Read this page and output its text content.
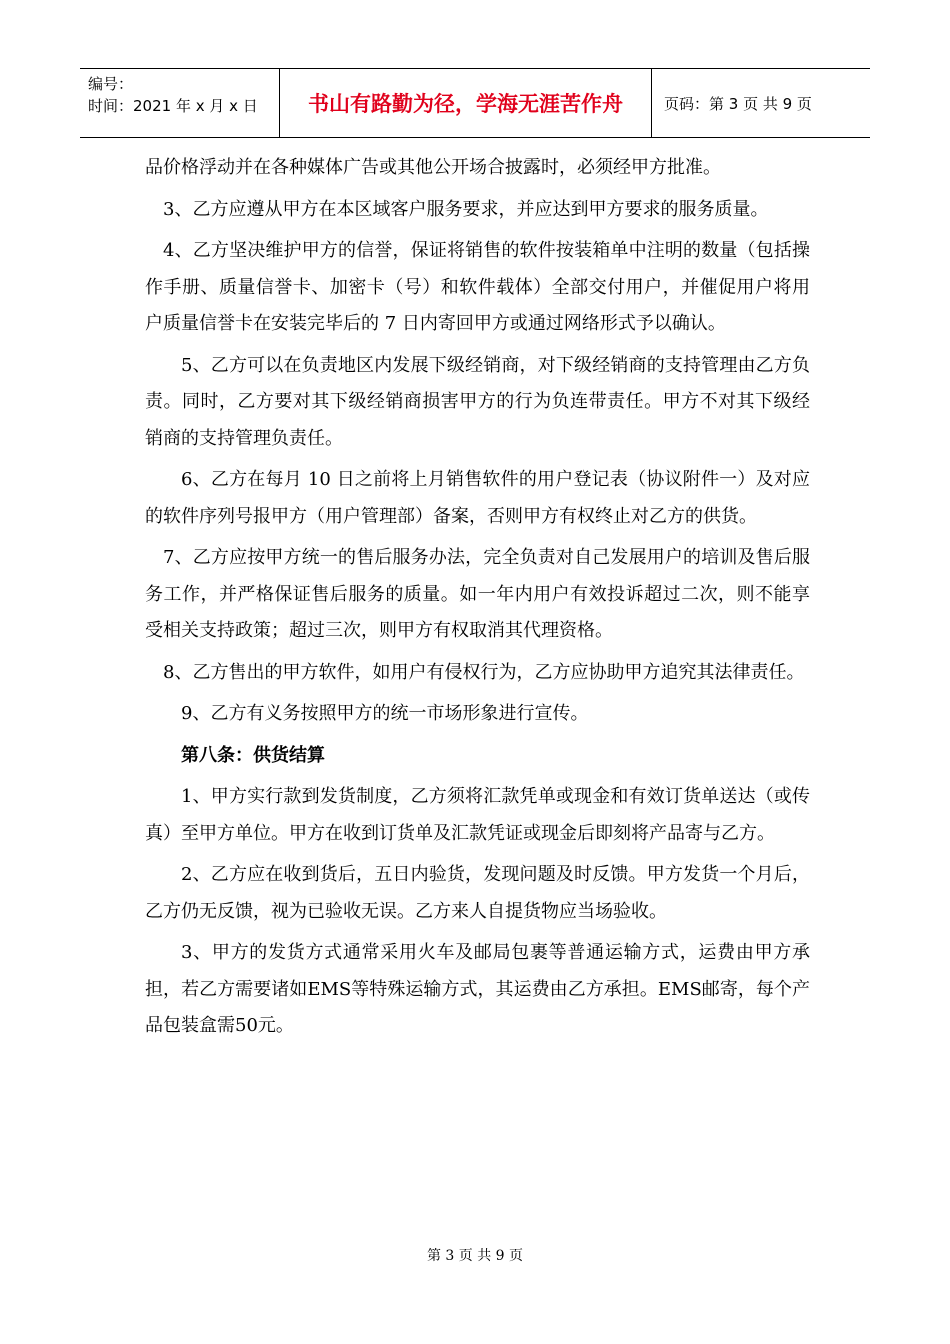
编号：
时间：2021 年 x 月 x 日	书山有路勤为径，学海无涯苦作舟	页码：第 3 页 共 9 页

品价格浮动并在各种媒体广告或其他公开场合披露时，必须经甲方批准。

3、乙方应遵从甲方在本区域客户服务要求，并应达到甲方要求的服务质量。

4、乙方坚决维护甲方的信誉，保证将销售的软件按装箱单中注明的数量（包括操作手册、质量信誉卡、加密卡（号）和软件载体）全部交付用户，并催促用户将用户质量信誉卡在安装完毕后的 7 日内寄回甲方或通过网络形式予以确认。

5、乙方可以在负责地区内发展下级经销商，对下级经销商的支持管理由乙方负责。同时，乙方要对其下级经销商损害甲方的行为负连带责任。甲方不对其下级经销商的支持管理负责任。

6、乙方在每月 10 日之前将上月销售软件的用户登记表（协议附件一）及对应的软件序列号报甲方（用户管理部）备案，否则甲方有权终止对乙方的供货。

7、乙方应按甲方统一的售后服务办法，完全负责对自己发展用户的培训及售后服务工作，并严格保证售后服务的质量。如一年内用户有效投诉超过二次，则不能享受相关支持政策；超过三次，则甲方有权取消其代理资格。

8、乙方售出的甲方软件，如用户有侵权行为，乙方应协助甲方追究其法律责任。

9、乙方有义务按照甲方的统一市场形象进行宣传。

第八条：供货结算

1、甲方实行款到发货制度，乙方须将汇款凭单或现金和有效订货单送达（或传真）至甲方单位。甲方在收到订货单及汇款凭证或现金后即刻将产品寄与乙方。

2、乙方应在收到货后，五日内验货，发现问题及时反馈。甲方发货一个月后，乙方仍无反馈，视为已验收无误。乙方来人自提货物应当场验收。

3、甲方的发货方式通常采用火车及邮局包裹等普通运输方式，运费由甲方承担，若乙方需要诸如EMS等特殊运输方式，其运费由乙方承担。EMS邮寄，每个产品包装盒需50元。

第 3 页 共 9 页
